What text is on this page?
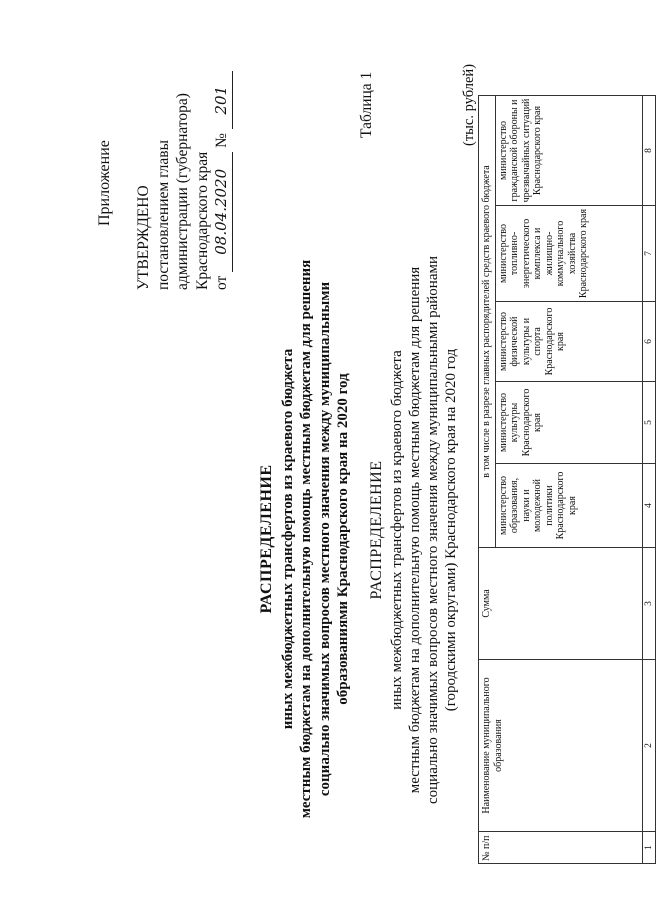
Приложение
УТВЕРЖДЕНО постановлением главы администрации (губернатора) Краснодарского края от 08.04.2020 № 201
РАСПРЕДЕЛЕНИЕ иных межбюджетных трансфертов из краевого бюджета местным бюджетам на дополнительную помощь местным бюджетам для решения социально значимых вопросов местного значения между муниципальными образованиями Краснодарского края на 2020 год
Таблица 1
РАСПРЕДЕЛЕНИЕ иных межбюджетных трансфертов из краевого бюджета местным бюджетам на дополнительную помощь местным бюджетам для решения социально значимых вопросов местного значения между муниципальными районами (городскими округами) Краснодарского края на 2020 год
(тыс. рублей)
№ п/п	Наименование муниципального образования	Сумма	в том числе в разрезе главных распорядителей средств краевого бюджета				
			министерство образования, науки и молодежной политики Краснодарского края	министерство культуры Краснодарского края	министерство физической культуры и спорта Краснодарского края	министерство топливно-энергетического комплекса и жилищно-коммунального хозяйства Краснодарского края	министерство гражданской обороны и чрезвычайных ситуаций Краснодарского края
1	2	3	4	5	6	7	8
